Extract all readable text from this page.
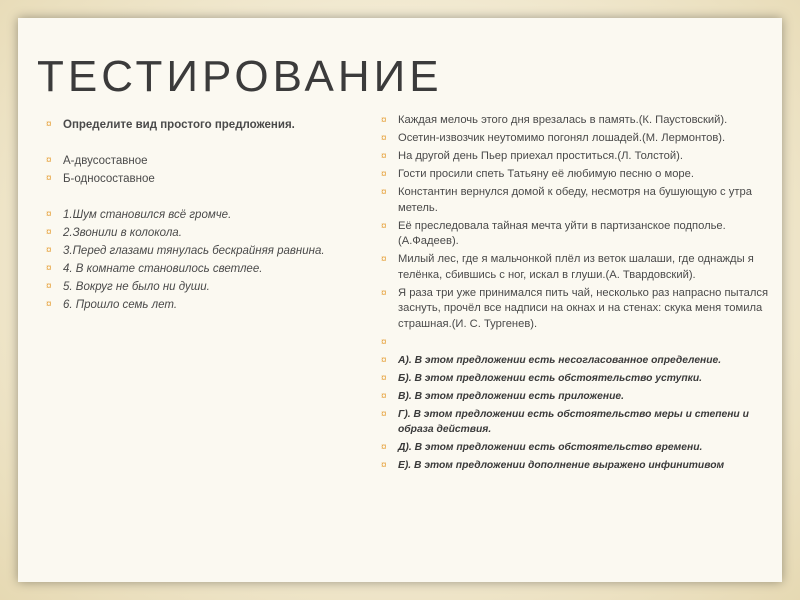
ТЕСТИРОВАНИЕ
¤ Определите вид простого предложения.
¤ А-двусоставное
¤ Б-односоставное
¤ 1.Шум становился всё громче.
¤ 2.Звонили в колокола.
¤ 3.Перед глазами тянулась бескрайняя равнина.
¤ 4. В комнате становилось светлее.
¤ 5. Вокруг не было ни души.
¤ 6. Прошло семь лет.
¤ Каждая мелочь этого дня врезалась в память.(К. Паустовский).
¤ Осетин-извозчик неутомимо погонял лошадей.(М. Лермонтов).
¤ На другой день Пьер приехал проститься.(Л. Толстой).
¤ Гости просили спеть Татьяну её любимую песню о море.
¤ Константин вернулся домой к обеду, несмотря на бушующую с утра метель.
¤ Её преследовала тайная мечта уйти в партизанское подполье.(А.Фадеев).
¤ Милый лес, где я мальчонкой плёл из веток шалаши, где однажды я телёнка, сбившись с ног, искал в глуши.(А. Твардовский).
¤ Я раза три уже принимался пить чай, несколько раз напрасно пытался заснуть, прочёл все надписи на окнах и на стенах: скука меня томила страшная.(И. С. Тургенев).
¤
¤ А). В этом предложении есть несогласованное определение.
¤ Б). В этом предложении есть обстоятельство уступки.
¤ В). В этом предложении есть приложение.
¤ Г). В этом предложении есть обстоятельство меры и степени и образа действия.
¤ Д). В этом предложении есть обстоятельство времени.
¤ Е). В этом предложении дополнение выражено инфинитивом
